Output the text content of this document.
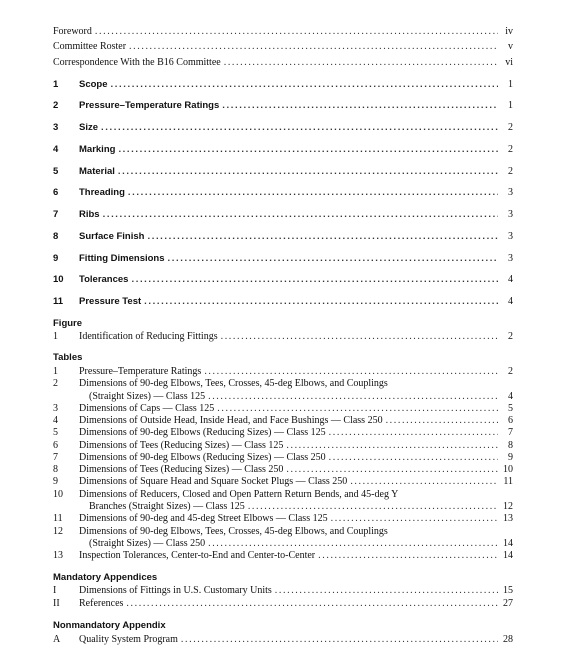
Foreword .....	iv
Committee Roster .....	v
Correspondence With the B16 Committee .....	vi
1	Scope .....	1
2	Pressure–Temperature Ratings .....	1
3	Size .....	2
4	Marking .....	2
5	Material .....	2
6	Threading .....	3
7	Ribs .....	3
8	Surface Finish .....	3
9	Fitting Dimensions .....	3
10	Tolerances .....	4
11	Pressure Test .....	4
Figure
1	Identification of Reducing Fittings .....	2
Tables
1	Pressure–Temperature Ratings .....	2
2	Dimensions of 90-deg Elbows, Tees, Crosses, 45-deg Elbows, and Couplings
(Straight Sizes) — Class 125 .....	4
3	Dimensions of Caps — Class 125 .....	5
4	Dimensions of Outside Head, Inside Head, and Face Bushings — Class 250 .....	6
5	Dimensions of 90-deg Elbows (Reducing Sizes) — Class 125 .....	7
6	Dimensions of Tees (Reducing Sizes) — Class 125 .....	8
7	Dimensions of 90-deg Elbows (Reducing Sizes) — Class 250 .....	9
8	Dimensions of Tees (Reducing Sizes) — Class 250 .....	10
9	Dimensions of Square Head and Square Socket Plugs — Class 250 .....	11
10	Dimensions of Reducers, Closed and Open Pattern Return Bends, and 45-deg Y
Branches (Straight Sizes) — Class 125 .....	12
11	Dimensions of 90-deg and 45-deg Street Elbows — Class 125 .....	13
12	Dimensions of 90-deg Elbows, Tees, Crosses, 45-deg Elbows, and Couplings
(Straight Sizes) — Class 250 .....	14
13	Inspection Tolerances, Center-to-End and Center-to-Center .....	14
Mandatory Appendices
I	Dimensions of Fittings in U.S. Customary Units .....	15
II	References .....	27
Nonmandatory Appendix
A	Quality System Program .....	28
